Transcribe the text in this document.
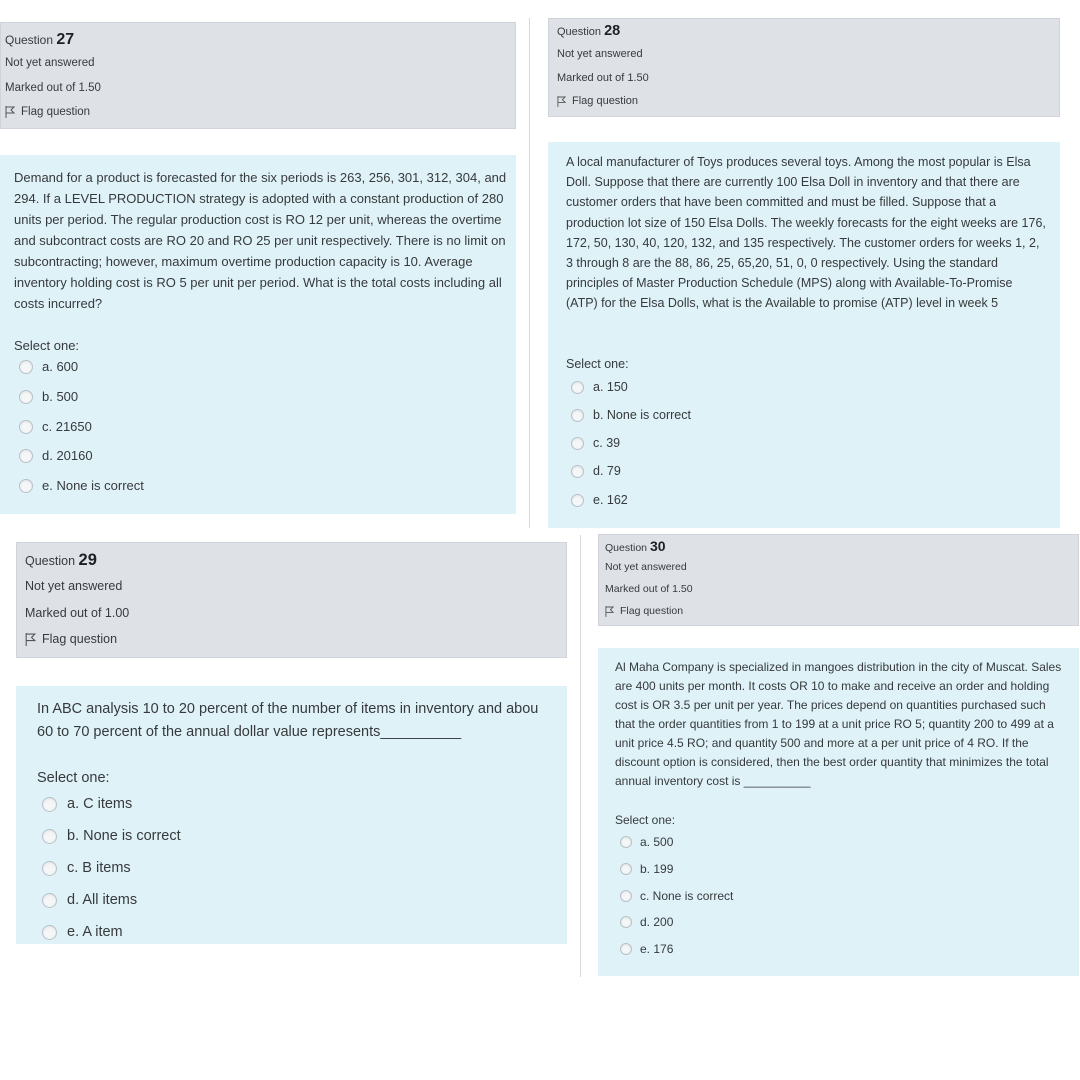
Question 27
Not yet answered
Marked out of 1.50
Flag question

Demand for a product is forecasted for the six periods is 263, 256, 301, 312, 304, and 294. If a LEVEL PRODUCTION strategy is adopted with a constant production of 280 units per period. The regular production cost is RO 12 per unit, whereas the overtime and subcontract costs are RO 20 and RO 25 per unit respectively. There is no limit on subcontracting; however, maximum overtime production capacity is 10. Average inventory holding cost is RO 5 per unit per period. What is the total costs including all costs incurred?

Select one:
a. 600
b. 500
c. 21650
d. 20160
e. None is correct
Question 28
Not yet answered
Marked out of 1.50
Flag question

A local manufacturer of Toys produces several toys. Among the most popular is Elsa Doll. Suppose that there are currently 100 Elsa Doll in inventory and that there are customer orders that have been committed and must be filled. Suppose that a production lot size of 150 Elsa Dolls. The weekly forecasts for the eight weeks are 176, 172, 50, 130, 40, 120, 132, and 135 respectively. The customer orders for weeks 1, 2, 3 through 8 are the 88, 86, 25, 65,20, 51, 0, 0 respectively. Using the standard principles of Master Production Schedule (MPS) along with Available-To-Promise (ATP) for the Elsa Dolls, what is the Available to promise (ATP) level in week 5

Select one:
a. 150
b. None is correct
c. 39
d. 79
e. 162
Question 29
Not yet answered
Marked out of 1.00
Flag question
In ABC analysis 10 to 20 percent of the number of items in inventory and abou
60 to 70 percent of the annual dollar value represents__________
Select one:
a. C items
b. None is correct
c. B items
d. All items
e. A item
Question 30
Not yet answered
Marked out of 1.50
Flag question

Al Maha Company is specialized in mangoes distribution in the city of Muscat. Sales are 400 units per month. It costs OR 10 to make and receive an order and holding cost is OR 3.5 per unit per year. The prices depend on quantities purchased such that the order quantities from 1 to 199 at a unit price RO 5; quantity 200 to 499 at a unit price 4.5 RO; and quantity 500 and more at a per unit price of 4 RO. If the discount option is considered, then the best order quantity that minimizes the total annual inventory cost is __________

Select one:
a. 500
b. 199
c. None is correct
d. 200
e. 176
